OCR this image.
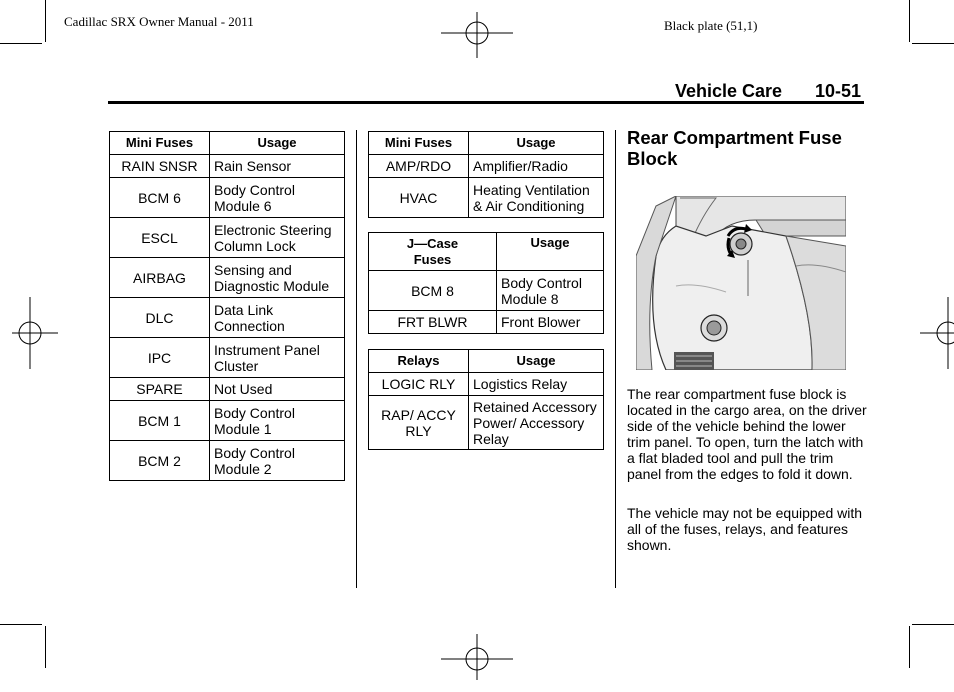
Cadillac SRX Owner Manual - 2011	Black plate (51,1)
Vehicle Care 10-51
Mini Fuses	Usage
RAIN SNSR	Rain Sensor
BCM 6	Body Control Module 6
ESCL	Electronic Steering Column Lock
AIRBAG	Sensing and Diagnostic Module
DLC	Data Link Connection
IPC	Instrument Panel Cluster
SPARE	Not Used
BCM 1	Body Control Module 1
BCM 2	Body Control Module 2
Mini Fuses	Usage
AMP/RDO	Amplifier/Radio
HVAC	Heating Ventilation & Air Conditioning
J—Case Fuses	Usage
BCM 8	Body Control Module 8
FRT BLWR	Front Blower
Relays	Usage
LOGIC RLY	Logistics Relay
RAP/ ACCY RLY	Retained Accessory Power/ Accessory Relay
Rear Compartment Fuse Block
The rear compartment fuse block is located in the cargo area, on the driver side of the vehicle behind the lower trim panel. To open, turn the latch with a flat bladed tool and pull the trim panel from the edges to fold it down.
The vehicle may not be equipped with all of the fuses, relays, and features shown.
